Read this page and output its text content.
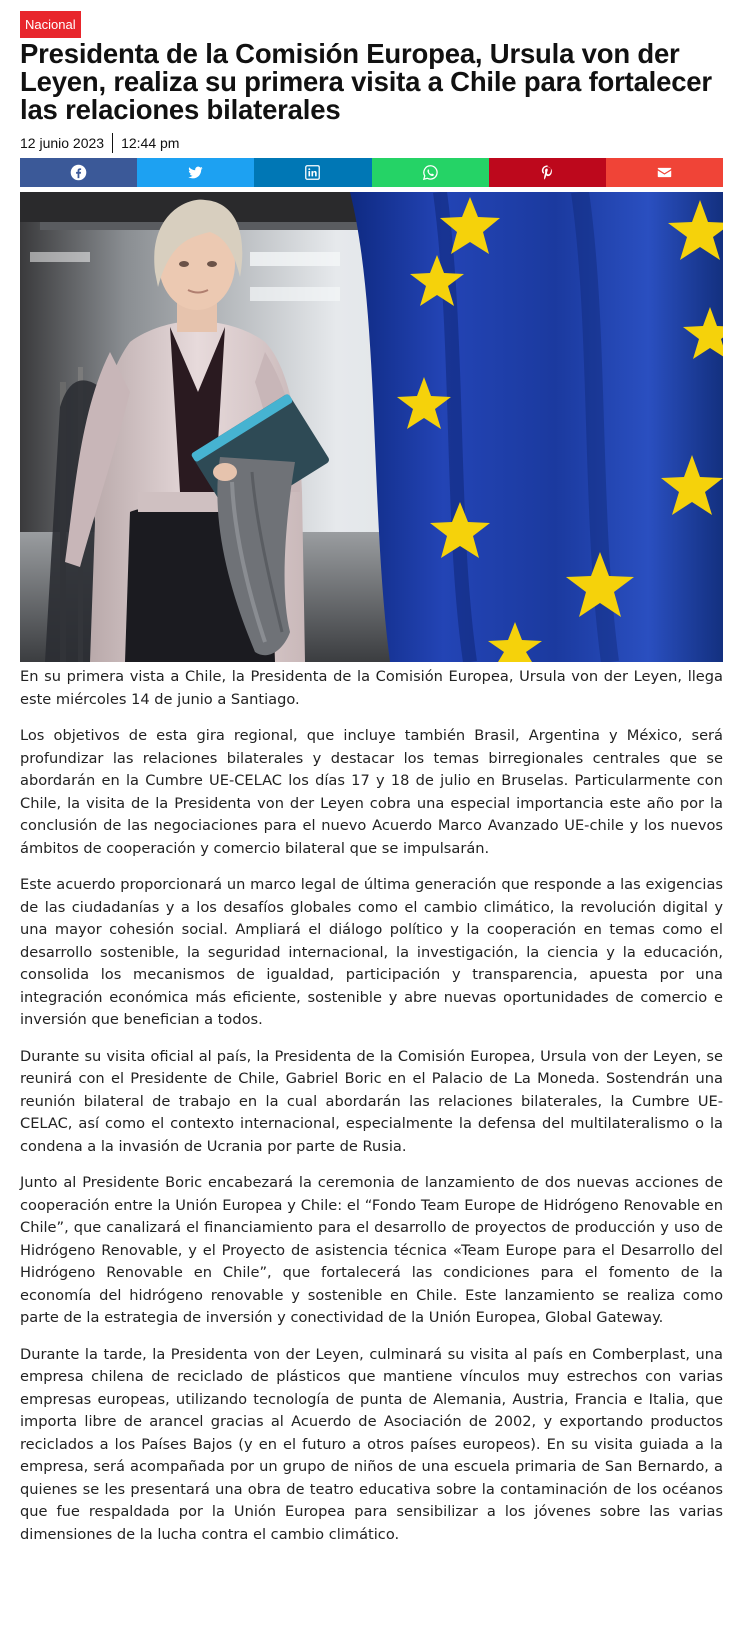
Nacional
Presidenta de la Comisión Europea, Ursula von der Leyen, realiza su primera visita a Chile para fortalecer las relaciones bilaterales
12 junio 2023 12:44 pm

En su primera vista a Chile, la Presidenta de la Comisión Europea, Ursula von der Leyen, llega este miércoles 14 de junio a Santiago.

Los objetivos de esta gira regional, que incluye también Brasil, Argentina y México, será profundizar las relaciones bilaterales y destacar los temas birregionales centrales que se abordarán en la Cumbre UE-CELAC los días 17 y 18 de julio en Bruselas. Particularmente con Chile, la visita de la Presidenta von der Leyen cobra una especial importancia este año por la conclusión de las negociaciones para el nuevo Acuerdo Marco Avanzado UE-chile y los nuevos ámbitos de cooperación y comercio bilateral que se impulsarán.

Este acuerdo proporcionará un marco legal de última generación que responde a las exigencias de las ciudadanías y a los desafíos globales como el cambio climático, la revolución digital y una mayor cohesión social. Ampliará el diálogo político y la cooperación en temas como el desarrollo sostenible, la seguridad internacional, la investigación, la ciencia y la educación, consolida los mecanismos de igualdad, participación y transparencia, apuesta por una integración económica más eficiente, sostenible y abre nuevas oportunidades de comercio e inversión que benefician a todos.

Durante su visita oficial al país, la Presidenta de la Comisión Europea, Ursula von der Leyen, se reunirá con el Presidente de Chile, Gabriel Boric en el Palacio de La Moneda. Sostendrán una reunión bilateral de trabajo en la cual abordarán las relaciones bilaterales, la Cumbre UE-CELAC, así como el contexto internacional, especialmente la defensa del multilateralismo o la condena a la invasión de Ucrania por parte de Rusia.

Junto al Presidente Boric encabezará la ceremonia de lanzamiento de dos nuevas acciones de cooperación entre la Unión Europea y Chile: el “Fondo Team Europe de Hidrógeno Renovable en Chile”, que canalizará el financiamiento para el desarrollo de proyectos de producción y uso de Hidrógeno Renovable, y el Proyecto de asistencia técnica «Team Europe para el Desarrollo del Hidrógeno Renovable en Chile”, que fortalecerá las condiciones para el fomento de la economía del hidrógeno renovable y sostenible en Chile. Este lanzamiento se realiza como parte de la estrategia de inversión y conectividad de la Unión Europea, Global Gateway.

Durante la tarde, la Presidenta von der Leyen, culminará su visita al país en Comberplast, una empresa chilena de reciclado de plásticos que mantiene vínculos muy estrechos con varias empresas europeas, utilizando tecnología de punta de Alemania, Austria, Francia e Italia, que importa libre de arancel gracias al Acuerdo de Asociación de 2002, y exportando productos reciclados a los Países Bajos (y en el futuro a otros países europeos). En su visita guiada a la empresa, será acompañada por un grupo de niños de una escuela primaria de San Bernardo, a quienes se les presentará una obra de teatro educativa sobre la contaminación de los océanos que fue respaldada por la Unión Europea para sensibilizar a los jóvenes sobre las varias dimensiones de la lucha contra el cambio climático.
